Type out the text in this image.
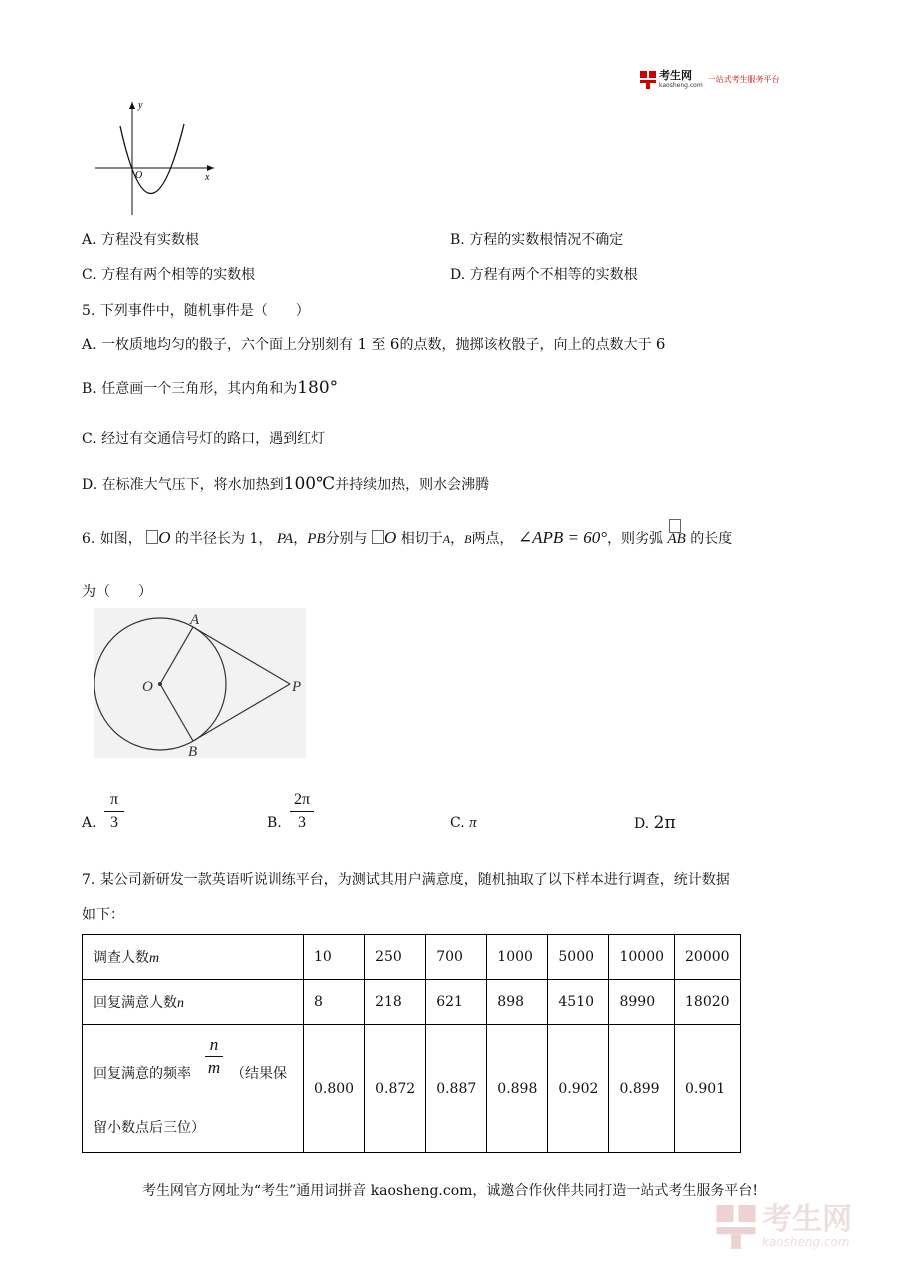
考生网
kaosheng.com
一站式考生服务平台
y
x
O
A. 方程没有实数根	B. 方程的实数根情况不确定
C. 方程有两个相等的实数根	D. 方程有两个不相等的实数根
5. 下列事件中，随机事件是（　　）
A. 一枚质地均匀的骰子，六个面上分别刻有 1 至 6的点数，抛掷该枚骰子，向上的点数大于 6
B. 任意画一个三角形，其内角和为180°
C. 经过有交通信号灯的路口，遇到红灯
D. 在标准大气压下，将水加热到100℃并持续加热，则水会沸腾
6. 如图， O 的半径长为 1， PA，PB分别与 O 相切于A，B两点， ∠APB = 60°，则劣弧 AB 的长度
为（　　）
A
B
O	P
A.
π
3	B.
2π
3	C. π	D. 2π
7. 某公司新研发一款英语听说训练平台，为测试其用户满意度，随机抽取了以下样本进行调查，统计数据
如下：
调查人数m	10	250	700	1000	5000	10000	20000
回复满意人数n	8	218	621	898	4510	8990	18020

回复满意的频率
n
m （结果保
留小数点后三位）	0.800	0.872	0.887	0.898	0.902	0.899	0.901
考生网官方网址为“考生”通用词拼音 kaosheng.com，诚邀合作伙伴共同打造一站式考生服务平台!
考生网
kaosheng.com
